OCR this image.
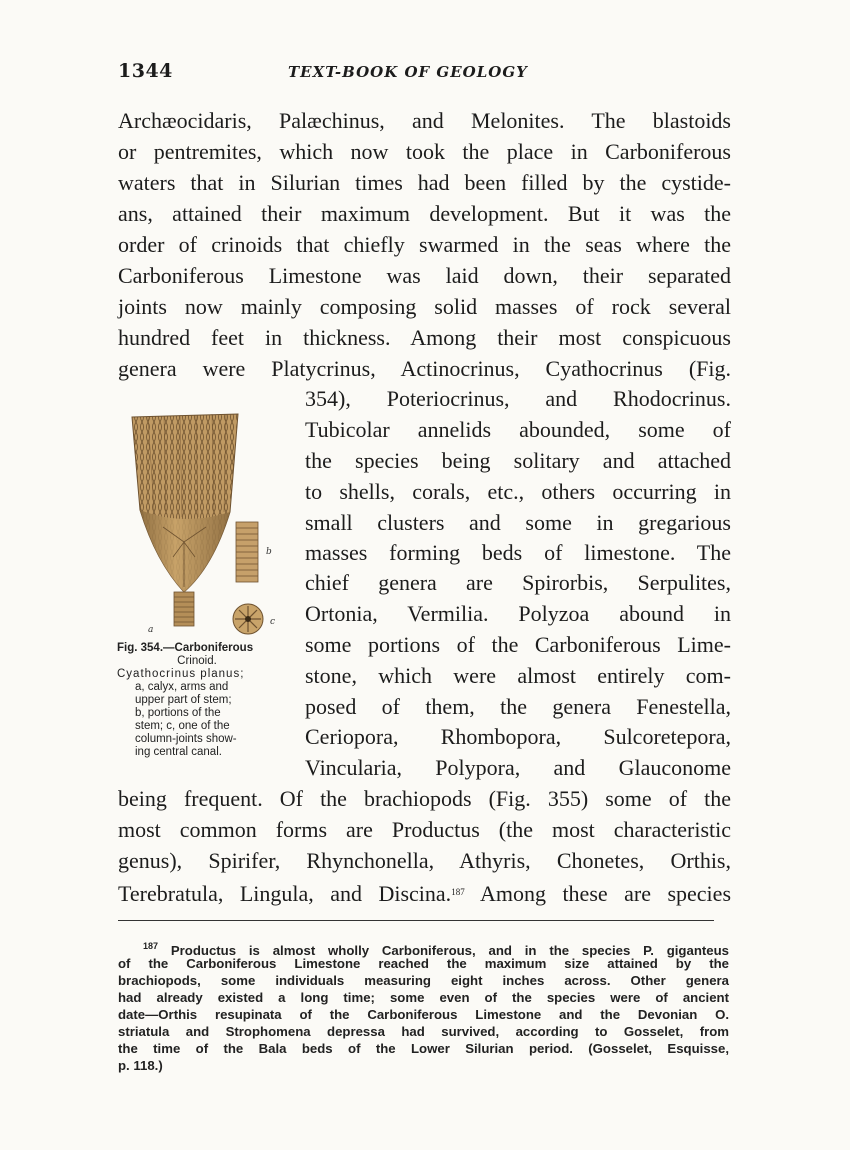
1344	TEXT-BOOK OF GEOLOGY
Archæocidaris, Palæchinus, and Melonites. The blastoids
or pentremites, which now took the place in Carboniferous
waters that in Silurian times had been filled by the cystide-
ans, attained their maximum development. But it was the
order of crinoids that chiefly swarmed in the seas where the
Carboniferous Limestone was laid down, their separated
joints now mainly composing solid masses of rock several
hundred feet in thickness. Among their most conspicuous
genera were Platycrinus, Actinocrinus, Cyathocrinus (Fig.
354), Poteriocrinus, and Rhodocrinus.
Tubicolar annelids abounded, some of
the species being solitary and attached
to shells, corals, etc., others occurring in
small clusters and some in gregarious
masses forming beds of limestone. The
chief genera are Spirorbis, Serpulites,
Ortonia, Vermilia. Polyzoa abound in
some portions of the Carboniferous Lime-
stone, which were almost entirely com-
posed of them, the genera Fenestella,
Ceriopora, Rhombopora, Sulcoretepora,
Vincularia, Polypora, and Glauconome
being frequent. Of the brachiopods (Fig. 355) some of the
most common forms are Productus (the most characteristic
genus), Spirifer, Rhynchonella, Athyris, Chonetes, Orthis,
Terebratula, Lingula, and Discina.$^{187}$ Among these are species
a
b
c
Fig. 354.—Carboniferous
Crinoid.
Cyathocrinus planus;
a, calyx, arms and
upper part of stem;
b, portions of the
stem; c, one of the
column-joints show-
ing central canal.
$^{187}$ Productus is almost wholly Carboniferous, and in the species P. giganteus
of the Carboniferous Limestone reached the maximum size attained by the
brachiopods, some individuals measuring eight inches across. Other genera
had already existed a long time; some even of the species were of ancient
date—Orthis resupinata of the Carboniferous Limestone and the Devonian O.
striatula and Strophomena depressa had survived, according to Gosselet, from
the time of the Bala beds of the Lower Silurian period. (Gosselet, Esquisse,
p. 118.)
